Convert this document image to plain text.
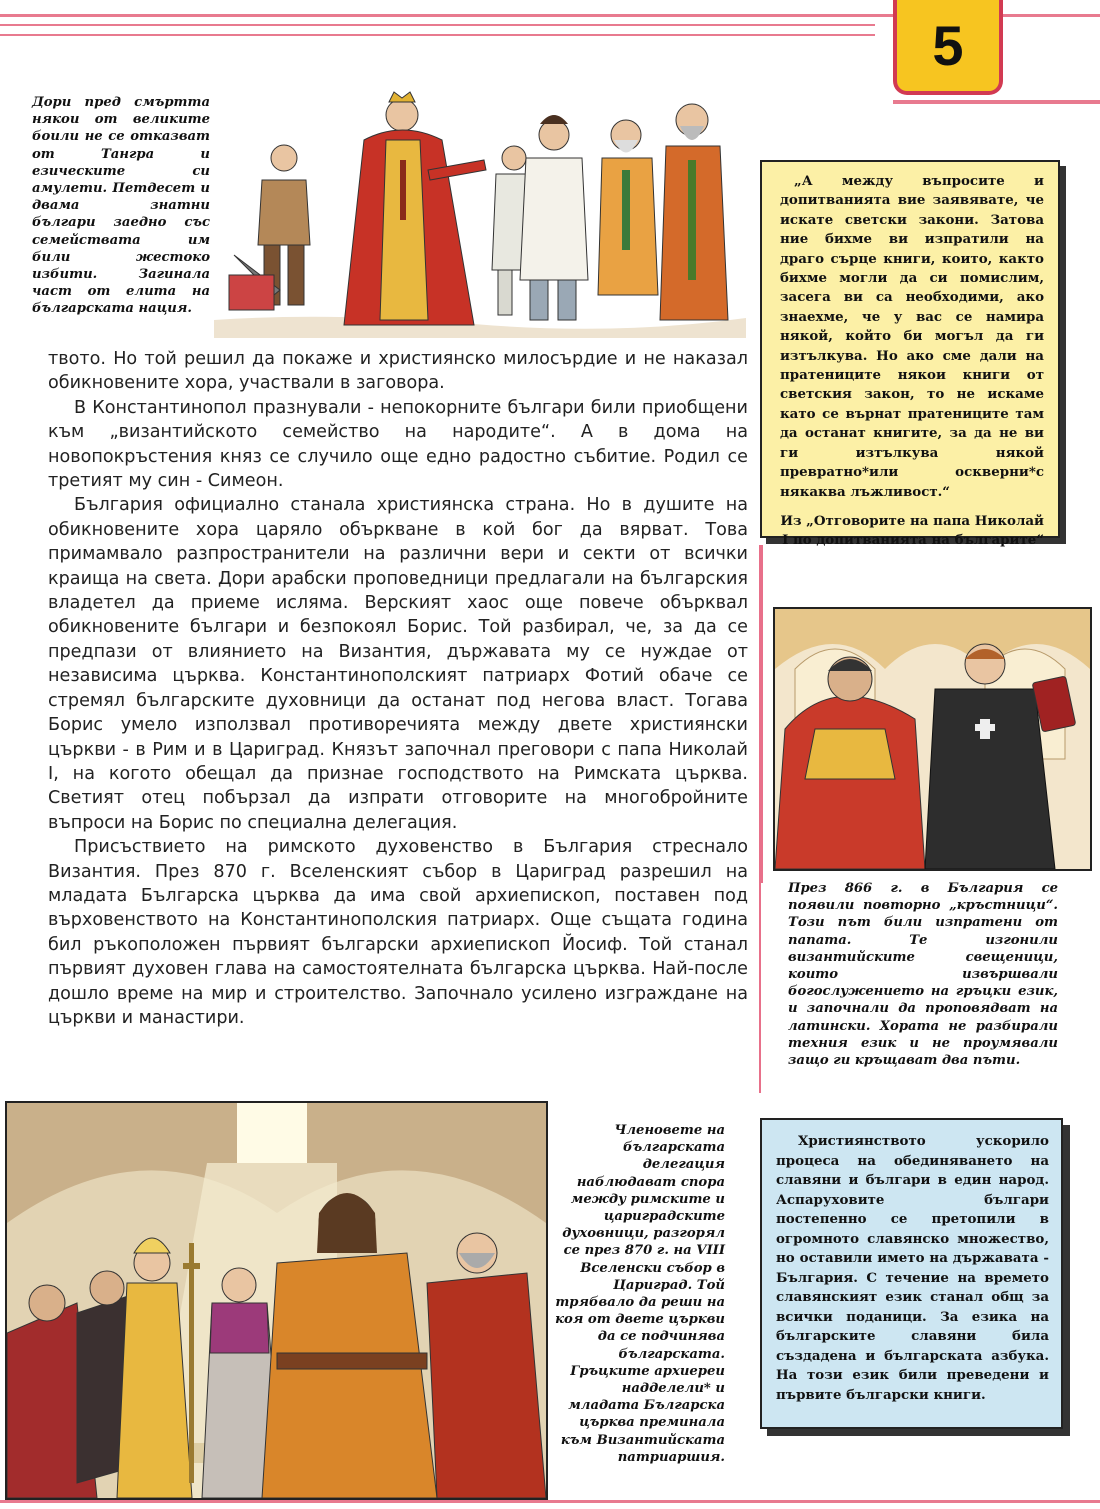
5

Дори пред смъртта някои от великите боили не се отказват от Тангра и езическите си амулети. Петдесет и двама знатни българи заедно със семействата им били жестоко избити. Загинала част от елита на българската нация.

„А между въпросите и допитванията вие заявявате, че искате светски закони. Затова ние бихме ви изпратили на драго сърце книги, които, както бихме могли да си помислим, засега ви са необходими, ако знаехме, че у вас се намира някой, който би могъл да ги изтълкува. Но ако сме дали на пратениците някои книги от светския закон, то не искаме като се върнат пратениците там да останат книгите, за да не ви ги изтълкува някой превратно*или оскверни*с някаква лъжливост.“

Из „Отговорите на папа Николай I по допитванията на българите“

твото. Но той решил да покаже и християнско милосърдие и не наказал обикновените хора, участвали в заговора.

В Константинопол празнували - непокорните българи били приобщени към „византийското семейство на народите“. А в дома на новопокръстения княз се случило още едно радостно събитие. Родил се третият му син - Симеон.

България официално станала християнска страна. Но в душите на обикновените хора царяло объркване в кой бог да вярват. Това примамвало разпространители на различни вери и секти от всички краища на света. Дори арабски проповедници предлагали на българския владетел да приеме исляма. Верският хаос още повече обърквал обикновените българи и безпокоял Борис. Той разбирал, че, за да се предпази от влиянието на Византия, държавата му се нуждае от независима църква. Константинополският патриарх Фотий обаче се стремял българските духовници да останат под негова власт. Тогава Борис умело използвал противоречията между двете християнски църкви - в Рим и в Цариград. Князът започнал преговори с папа Николай I, на когото обещал да признае господството на Римската църква. Светият отец побързал да изпрати отговорите на многобройните въпроси на Борис по специална делегация.

Присъствието на римското духовенство в България стреснало Византия. През 870 г. Вселенският събор в Цариград разрешил на младата Българска църква да има свой архиепископ, поставен под върховенството на Константинополския патриарх. Още същата година бил ръкоположен първият български архиепископ Йосиф. Той станал първият духовен глава на самостоятелната българска църква. Най-после дошло време на мир и строителство. Започнало усилено изграждане на църкви и манастири.

През 866 г. в България се появили повторно „кръстници“. Този път били изпратени от папата. Те изгонили византийските свещеници, които извършвали богослужението на гръцки език, и започнали да проповядват на латински. Хората не разбирали техния език и не проумявали защо ги кръщават два пъти.

Членовете на българската делегация наблюдават спора между римските и цариградските духовници, разгорял се през 870 г. на VIII Вселенски събор в Цариград. Той трябвало да реши на коя от двете църкви да се подчинява българската. Гръцките архиереи надделели* и младата Българска църква преминала към Византийската патриаршия.

Християнството ускорило процеса на обединяването на славяни и българи в един народ. Аспаруховите българи постепенно се претопили в огромното славянско множество, но оставили името на държавата - България. С течение на времето славянският език станал общ за всички поданици. За езика на българските славяни била създадена и българската азбука. На този език били преведени и първите български книги.
